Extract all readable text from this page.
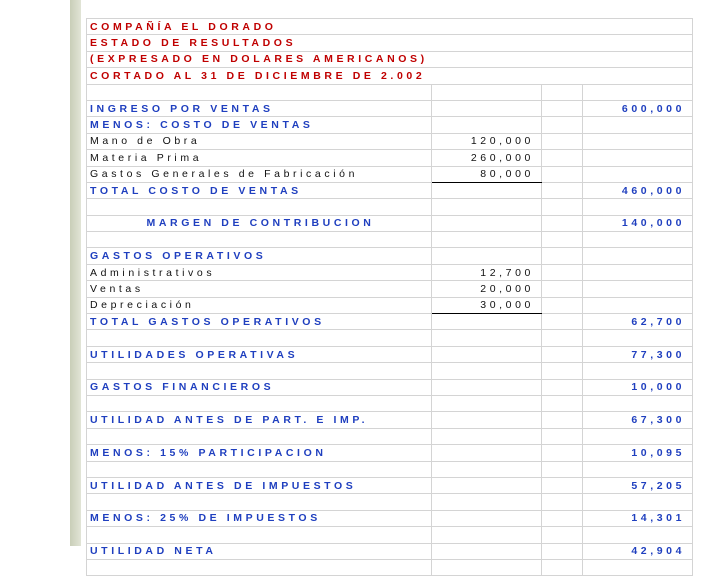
COMPAÑÍA EL DORADO			
ESTADO DE RESULTADOS			
(EXPRESADO EN DOLARES AMERICANOS)			
CORTADO AL 31 DE DICIEMBRE DE 2.002			

INGRESO POR VENTAS			600,000
MENOS: COSTO DE VENTAS			
Mano de Obra	120,000		
Materia Prima	260,000		
Gastos Generales de Fabricación	80,000		
TOTAL COSTO DE VENTAS			460,000

MARGEN DE CONTRIBUCION			140,000

GASTOS OPERATIVOS			
Administrativos	12,700		
Ventas	20,000		
Depreciación	30,000		
TOTAL GASTOS OPERATIVOS			62,700

UTILIDADES OPERATIVAS			77,300

GASTOS FINANCIEROS			10,000

UTILIDAD ANTES DE PART. E IMP.			67,300

MENOS: 15% PARTICIPACION			10,095

UTILIDAD ANTES DE IMPUESTOS			57,205

MENOS: 25% DE IMPUESTOS			14,301

UTILIDAD NETA			42,904
